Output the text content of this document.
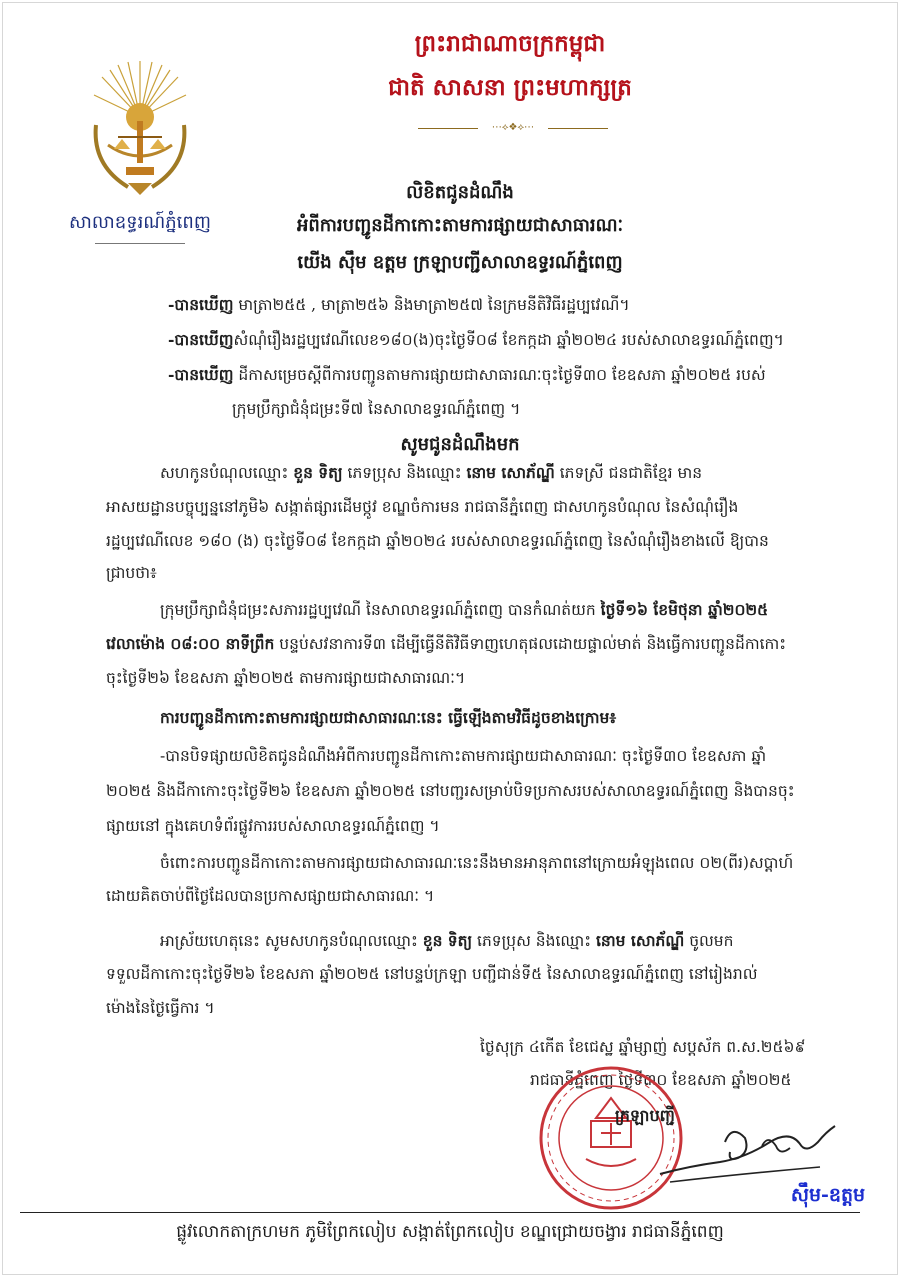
សាលាឧទ្ធរណ៍ភ្នំពេញ
ព្រះរាជាណាចក្រកម្ពុជា
ជាតិ សាសនា ព្រះមហាក្សត្រ
⋯⟡❖⟡⋯
លិខិតជូនដំណឹង
អំពីការបញ្ជូនដីកាកោះតាមការផ្សាយជាសាធារណៈ
យើង ស៊ឹម ឧត្តម ក្រឡាបញ្ជីសាលាឧទ្ធរណ៍ភ្នំពេញ
-បានឃើញ មាត្រា២៥៥ , មាត្រា២៥៦ និងមាត្រា២៥៧ នៃក្រមនីតិវិធីរដ្ឋប្បវេណី។
-បានឃើញសំណុំរឿងរដ្ឋប្បវេណីលេខ១៨០(ង)ចុះថ្ងៃទី០៨ ខែកក្កដា ឆ្នាំ២០២៤ របស់សាលាឧទ្ធរណ៍ភ្នំពេញ។
-បានឃើញ ដីកាសម្រេចស្តីពីការបញ្ជូនតាមការផ្សាយជាសាធារណៈចុះថ្ងៃទី៣០ ខែឧសភា ឆ្នាំ២០២៥ របស់
ក្រុមប្រឹក្សាជំនុំជម្រះទី៧ នៃសាលាឧទ្ធរណ៍ភ្នំពេញ ។
សូមជូនដំណឹងមក
សហកូនបំណុលឈ្មោះ ខួន ទិត្យ ភេទប្រុស និងឈ្មោះ នោម សោភ័ណ្ឌី ភេទស្រី ជនជាតិខ្មែរ មាន
អាសយដ្ឋានបច្ចុប្បន្ននៅភូមិ៦ សង្កាត់ផ្សារដើមថ្កូវ ខណ្ឌចំការមន រាជធានីភ្នំពេញ ជាសហកូនបំណុល នៃសំណុំរឿង
រដ្ឋប្បវេណីលេខ ១៨០ (ង) ចុះថ្ងៃទី០៨ ខែកក្កដា ឆ្នាំ២០២៤ របស់សាលាឧទ្ធរណ៍ភ្នំពេញ នៃសំណុំរឿងខាងលើ ឱ្យបាន
ជ្រាបថា៖
ក្រុមប្រឹក្សាជំនុំជម្រះសភាររដ្ឋប្បវេណី នៃសាលាឧទ្ធរណ៍ភ្នំពេញ បានកំណត់យក ថ្ងៃទី១៦ ខែមិថុនា ឆ្នាំ២០២៥
វេលាម៉ោង ០៨:០០ នាទីព្រឹក បន្ទប់សវនាការទី៣ ដើម្បីធ្វើនីតិវិធីទាញហេតុផលដោយផ្ទាល់មាត់ និងធ្វើការបញ្ជូនដីកាកោះ
ចុះថ្ងៃទី២៦ ខែឧសភា ឆ្នាំ២០២៥ តាមការផ្សាយជាសាធារណៈ។
ការបញ្ជូនដីកាកោះតាមការផ្សាយជាសាធារណៈនេះ ធ្វើឡើងតាមវិធីដូចខាងក្រោម៖
-បានបិទផ្សាយលិខិតជូនដំណឹងអំពីការបញ្ជូនដីកាកោះតាមការផ្សាយជាសាធារណៈ ចុះថ្ងៃទី៣០ ខែឧសភា ឆ្នាំ
២០២៥ និងដីកាកោះចុះថ្ងៃទី២៦ ខែឧសភា ឆ្នាំ២០២៥ នៅបញ្ជរសម្រាប់បិទប្រកាសរបស់សាលាឧទ្ធរណ៍ភ្នំពេញ និងបានចុះ
ផ្សាយនៅ ក្នុងគេហទំព័រផ្លូវការរបស់សាលាឧទ្ធរណ៍ភ្នំពេញ ។
ចំពោះការបញ្ជូនដីកាកោះតាមការផ្សាយជាសាធារណៈនេះនឹងមានអានុភាពនៅក្រោយអំឡុងពេល ០២(ពីរ)សប្តាហ៍
ដោយគិតចាប់ពីថ្ងៃដែលបានប្រកាសផ្សាយជាសាធារណៈ ។
អាស្រ័យហេតុនេះ សូមសហកូនបំណុលឈ្មោះ ខួន ទិត្យ ភេទប្រុស និងឈ្មោះ នោម សោភ័ណ្ឌី ចូលមក
ទទួលដីកាកោះចុះថ្ងៃទី២៦ ខែឧសភា ឆ្នាំ២០២៥ នៅបន្ទប់ក្រឡា បញ្ជីជាន់ទី៥ នៃសាលាឧទ្ធរណ៍ភ្នំពេញ នៅរៀងរាល់
ម៉ោងនៃថ្ងៃធ្វើការ ។
ថ្ងៃសុក្រ ៤កើត ខែជេស្ឋ ឆ្នាំម្សាញ់ សប្តស័ក ព.ស.២៥៦៩
រាជធានីភ្នំពេញ ថ្ងៃទី៣០ ខែឧសភា ឆ្នាំ២០២៥
ក្រឡាបញ្ជី
ស៊ឹម-ឧត្តម
ផ្លូវលោកតាក្រហមក ភូមិព្រែកលៀប សង្កាត់ព្រែកលៀប ខណ្ឌជ្រោយចង្វារ រាជធានីភ្នំពេញ
